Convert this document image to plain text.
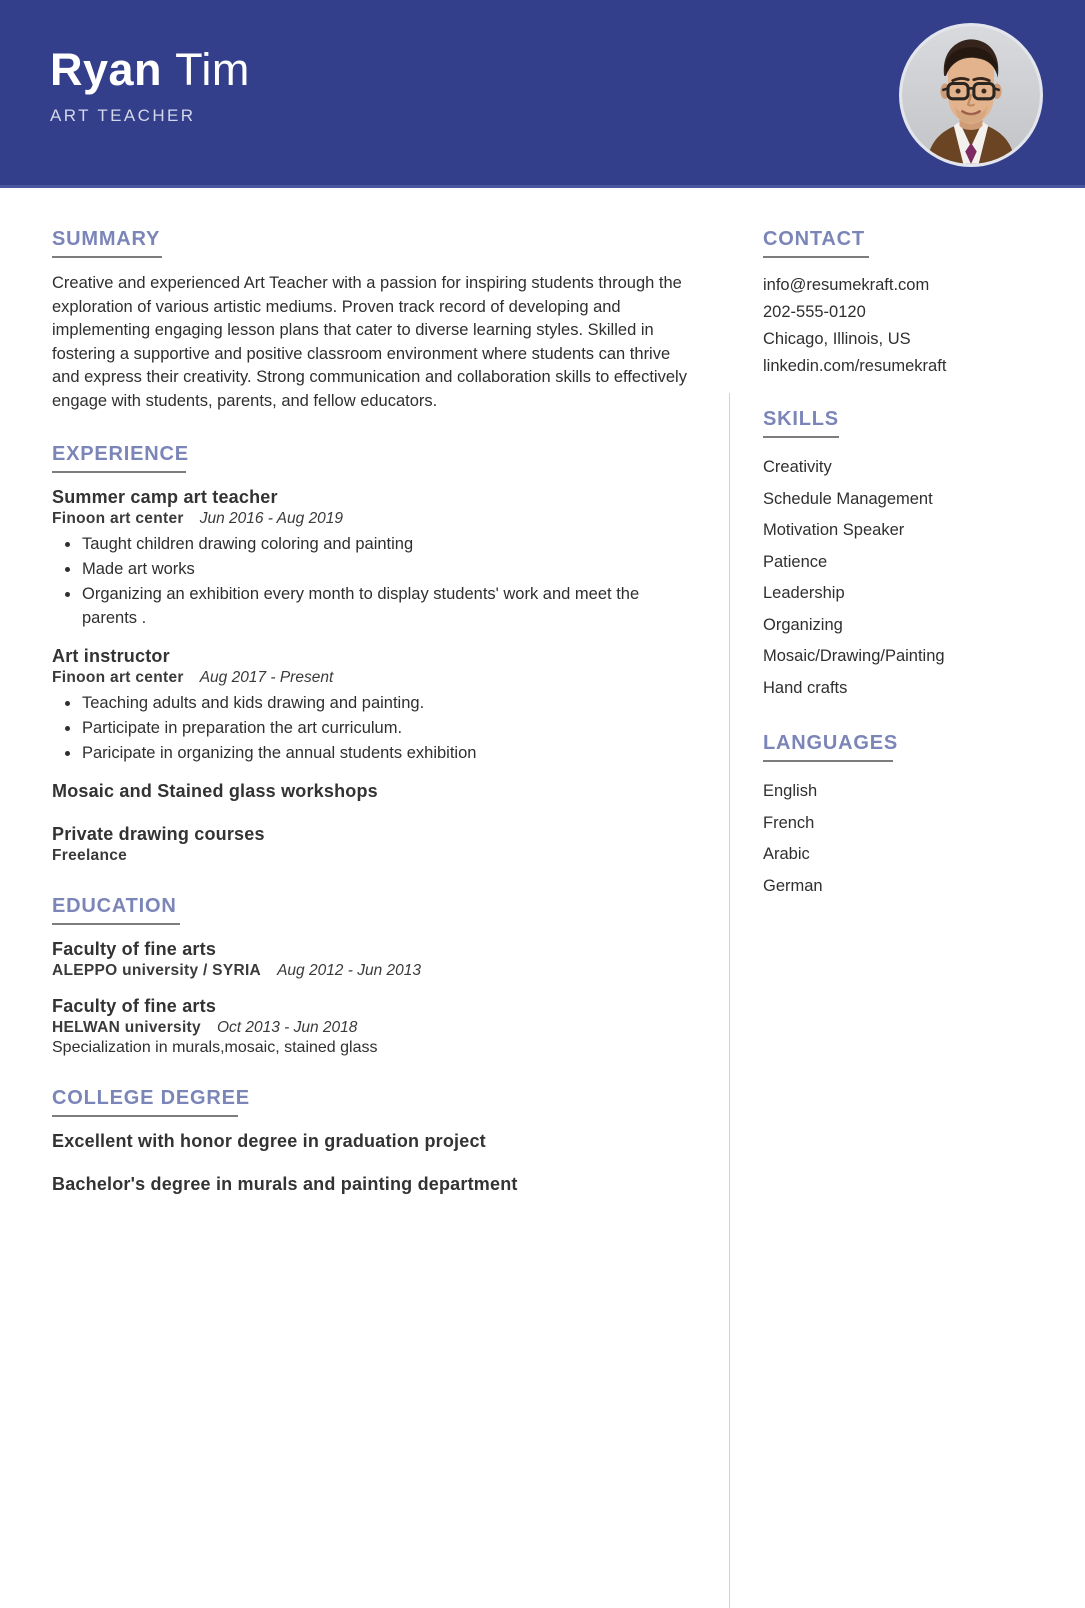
Ryan Tim
ART TEACHER
SUMMARY

Creative and experienced Art Teacher with a passion for inspiring students through the exploration of various artistic mediums. Proven track record of developing and implementing engaging lesson plans that cater to diverse learning styles. Skilled in fostering a supportive and positive classroom environment where students can thrive and express their creativity. Strong communication and collaboration skills to effectively engage with students, parents, and fellow educators.

EXPERIENCE
Summer camp art teacher

Finoon art center Jun 2016 - Aug 2019

Taught children drawing coloring and painting
Made art works
Organizing an exhibition every month to display students' work and meet the parents .
Art instructor

Finoon art center Aug 2017 - Present

Teaching adults and kids drawing and painting.
Participate in preparation the art curriculum.
Paricipate in organizing the annual students exhibition
Mosaic and Stained glass workshops
Private drawing courses

Freelance

EDUCATION
Faculty of fine arts

ALEPPO university / SYRIA Aug 2012 - Jun 2013

Faculty of fine arts

HELWAN university Oct 2013 - Jun 2018

Specialization in murals,mosaic, stained glass

COLLEGE DEGREE
Excellent with honor degree in graduation project
Bachelor's degree in murals and painting department
CONTACT
info@resumekraft.com
202-555-0120
Chicago, Illinois, US
linkedin.com/resumekraft
SKILLS
Creativity
Schedule Management
Motivation Speaker
Patience
Leadership
Organizing
Mosaic/Drawing/Painting
Hand crafts
LANGUAGES
English
French
Arabic
German
